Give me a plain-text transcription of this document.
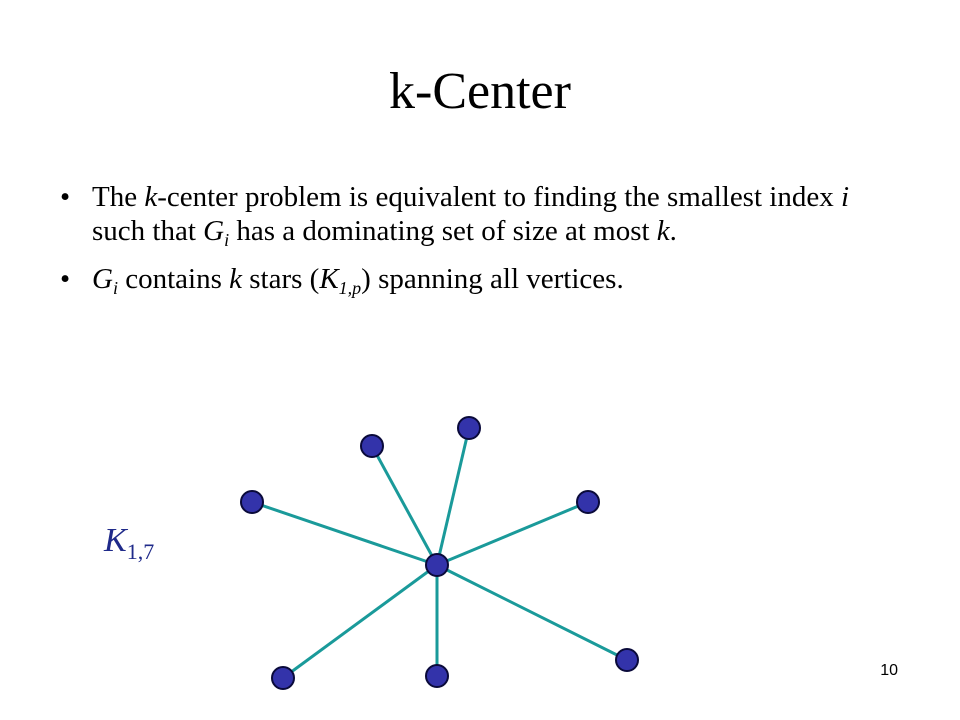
k-Center
• The k-center problem is equivalent to finding the smallest index i such that $G_i$ has a dominating set of size at most k.
• $G_i$ contains k stars $(K_{1,p})$ spanning all vertices.
$K_{1,7}$
10
